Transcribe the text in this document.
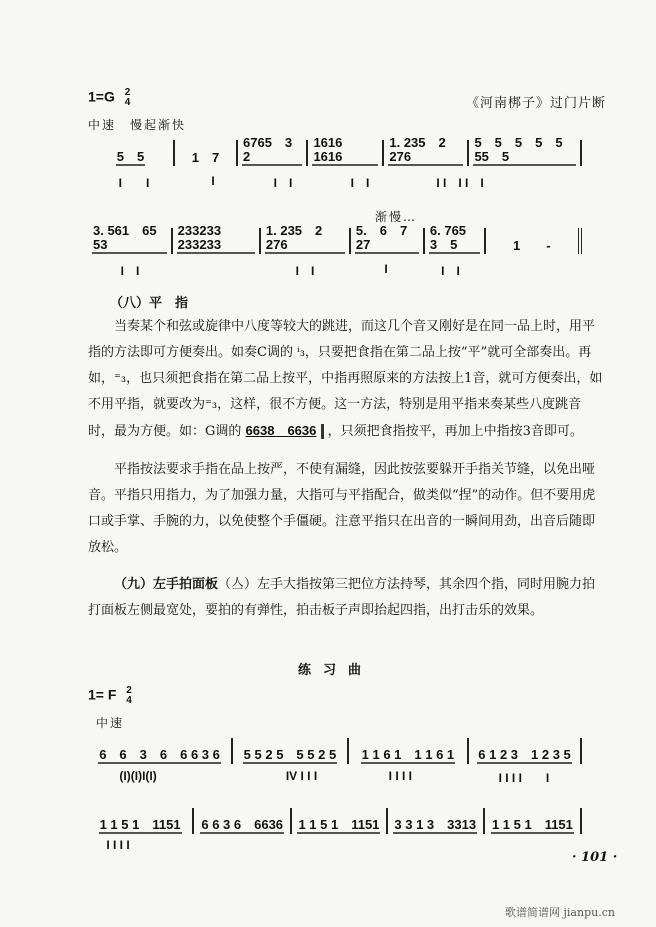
1=G 2
4	《河南梆子》过门片断
中速　慢起渐快
5　5	1　7
6765　3　2
1616　1616
1. 235　2　276
5　5　5　5　5　55　5
I　　I	I	I　I	I　I	I I　I I　I
渐慢…
3. 561　65　53
233233　233233
1. 235　2　276
5.　6　7　27
6. 765　3　5	1　　-
I　I	I　I	I	I　I
（八）平　指

当奏某个和弦或旋律中八度等较大的跳进，而这几个音又刚好是在同一品上时，用平指的方法即可方便奏出。如奏C调的 ⁱ₃，只要把食指在第二品上按“平”就可全部奏出。再如，⁼₃，也只须把食指在第二品上按平，中指再照原来的方法按上1音，就可方便奏出，如不用平指，就要改为⁼₃，这样，很不方便。这一方法，特别是用平指来奏某些八度跳音时，最为方便。如：G调的 6638　6636 ，只须把食指按平，再加上中指按3音即可。

平指按法要求手指在品上按严，不使有漏缝，因此按弦要躲开手指关节缝，以免出哑音。平指只用指力，为了加强力量，大指可与平指配合，做类似“捏”的动作。但不要用虎口或手掌、手腕的力，以免使整个手僵硬。注意平指只在出音的一瞬间用劲，出音后随即放松。

（九）左手拍面板（亼）左手大指按第三把位方法持琴，其余四个指，同时用腕力拍打面板左侧最宽处，要拍的有弹性，拍击板子声即抬起四指，出打击乐的效果。

练习曲
1= F 2
4
中速
6　6　3　6　6 6 3 6 5 5 2 5　5 5 2 5 1 1 6 1　1 1 6 1 6 1 2 3　1 2 3 5
(I)(I)I(I)	IV I I I	I I I I	I I I I　　I
1 1 5 1　1151 6 6 3 6　6636 1 1 5 1　1151 3 3 1 3　3313 1 1 5 1　1151
I I I I
· 101 ·
歌谱简谱网 jianpu.cn
